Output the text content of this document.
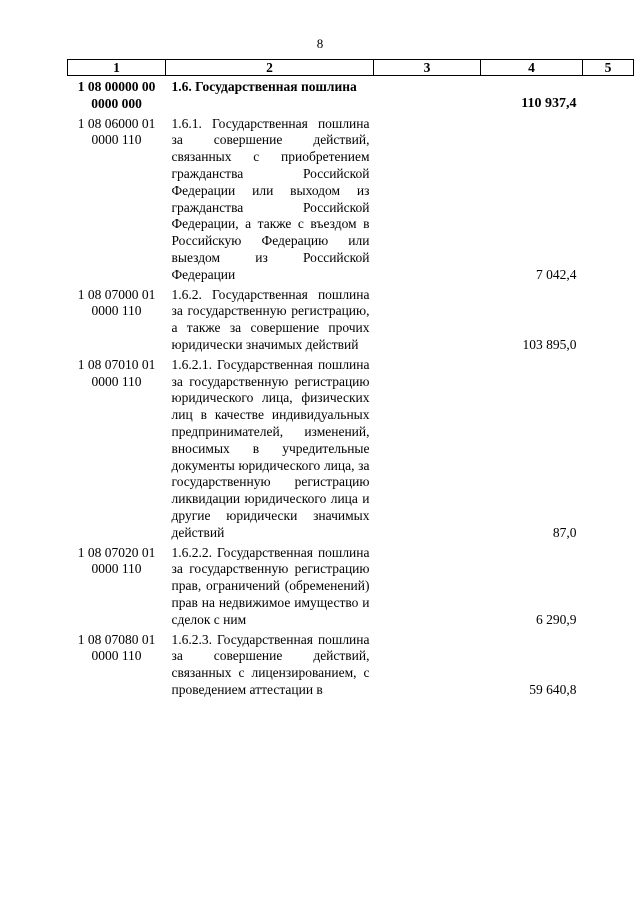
8
1	2	3	4	5
1 08 00000 00
0000 000	1.6. Государственная пошлина		110 937,4	
1 08 06000 01
0000 110	1.6.1. Государственная пошлина за совершение действий, связанных с приобретением гражданства Российской Федерации или выходом из гражданства Российской Федерации, а также с въездом в Российскую Федерацию или выездом из Российской Федерации		7 042,4	
1 08 07000 01
0000 110	1.6.2. Государственная пошлина за государственную регистрацию, а также за совершение прочих юридически значимых действий		103 895,0	
1 08 07010 01
0000 110	1.6.2.1. Государственная пошлина за государственную регистрацию юридического лица, физических лиц в качестве индивидуальных предпринимателей, изменений, вносимых в учредительные документы юридического лица, за государственную регистрацию ликвидации юридического лица и другие юридически значимых действий		87,0	
1 08 07020 01
0000 110	1.6.2.2. Государственная пошлина за государственную регистрацию прав, ограничений (обременений) прав на недвижимое имущество и сделок с ним		6 290,9	
1 08 07080 01
0000 110	1.6.2.3. Государственная пошлина за совершение действий, связанных с лицензированием, с проведением аттестации в		59 640,8	
